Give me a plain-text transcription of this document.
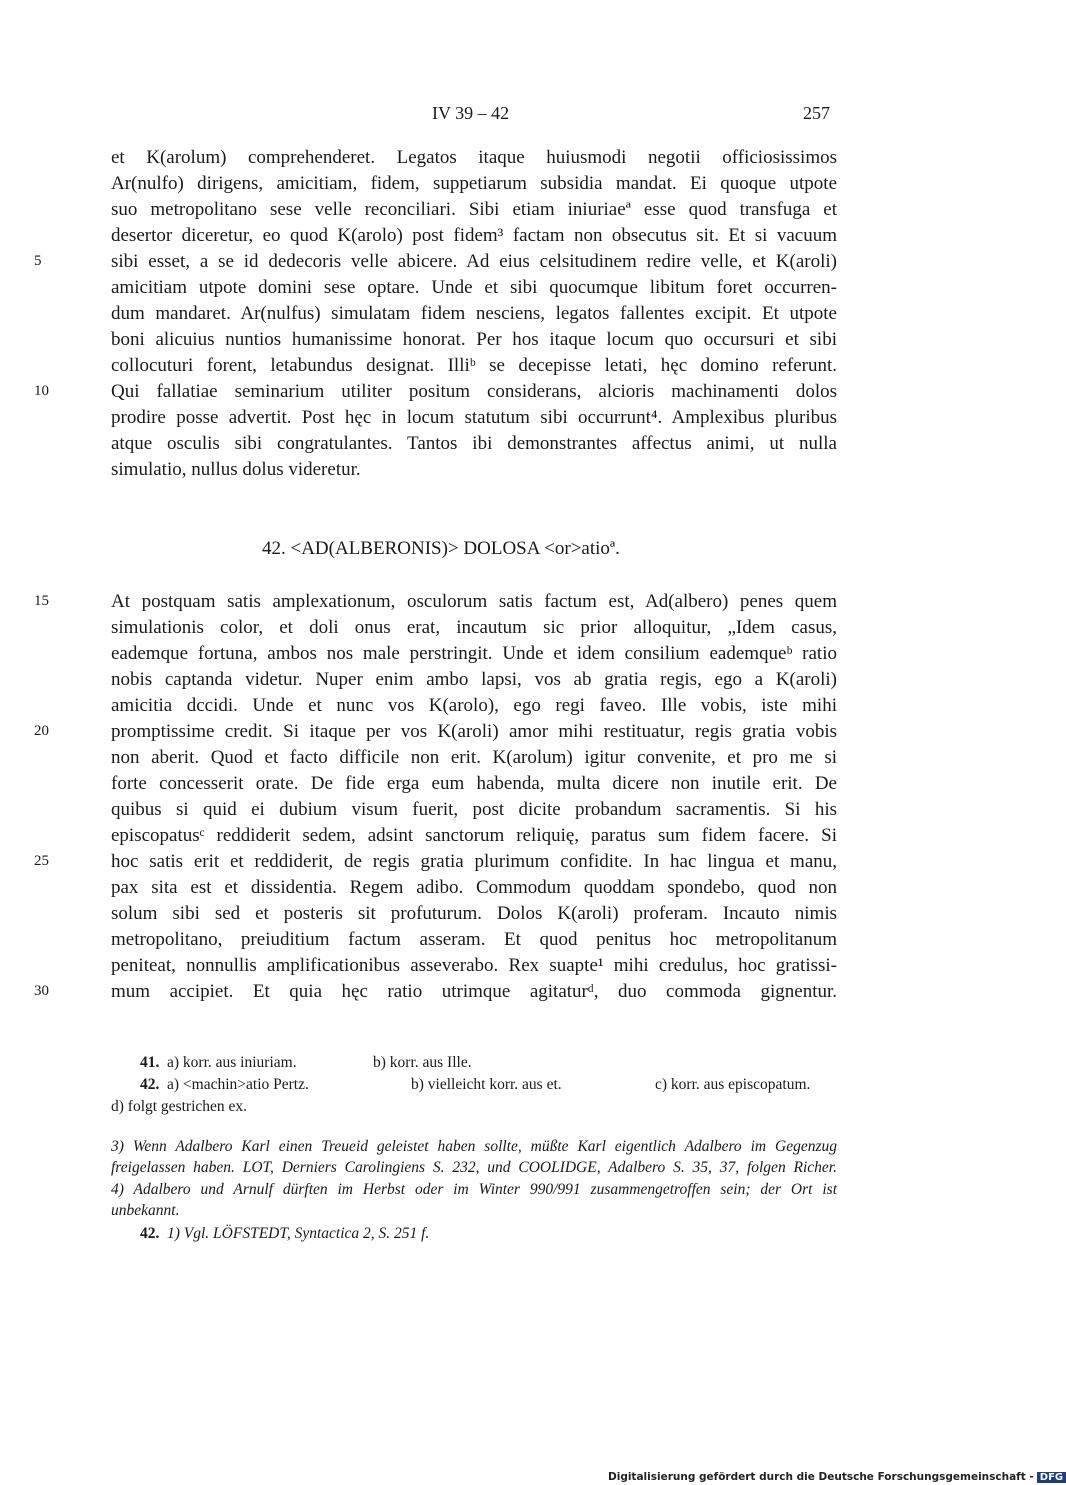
IV 39 – 42	257
et K(arolum) comprehenderet. Legatos itaque huiusmodi negotii officiosissimos
Ar(nulfo) dirigens, amicitiam, fidem, suppetiarum subsidia mandat. Ei quoque utpote
suo metropolitano sese velle reconciliari. Sibi etiam iniuriaeª esse quod transfuga et
desertor diceretur, eo quod K(arolo) post fidem³ factam non obsecutus sit. Et si vacuum
sibi esset, a se id dedecoris velle abicere. Ad eius celsitudinem redire velle, et K(aroli)
amicitiam utpote domini sese optare. Unde et sibi quocumque libitum foret occurren-
dum mandaret. Ar(nulfus) simulatam fidem nesciens, legatos fallentes excipit. Et utpote
boni alicuius nuntios humanissime honorat. Per hos itaque locum quo occursuri et sibi
collocuturi forent, letabundus designat. Illiᵇ se decepisse letati, hęc domino referunt.
Qui fallatiae seminarium utiliter positum considerans, alcioris machinamenti dolos
prodire posse advertit. Post hęc in locum statutum sibi occurrunt⁴. Amplexibus pluribus
atque osculis sibi congratulantes. Tantos ibi demonstrantes affectus animi, ut nulla
simulatio, nullus dolus videretur.
5
10
42. <AD(ALBERONIS)> DOLOSA <or>atioª.
At postquam satis amplexationum, osculorum satis factum est, Ad(albero) penes quem
simulationis color, et doli onus erat, incautum sic prior alloquitur, „Idem casus,
eademque fortuna, ambos nos male perstringit. Unde et idem consilium eademqueᵇ ratio
nobis captanda videtur. Nuper enim ambo lapsi, vos ab gratia regis, ego a K(aroli)
amicitia dccidi. Unde et nunc vos K(arolo), ego regi faveo. Ille vobis, iste mihi
promptissime credit. Si itaque per vos K(aroli) amor mihi restituatur, regis gratia vobis
non aberit. Quod et facto difficile non erit. K(arolum) igitur convenite, et pro me si
forte concesserit orate. De fide erga eum habenda, multa dicere non inutile erit. De
quibus si quid ei dubium visum fuerit, post dicite probandum sacramentis. Si his
episcopatusᶜ reddiderit sedem, adsint sanctorum reliquię, paratus sum fidem facere. Si
hoc satis erit et reddiderit, de regis gratia plurimum confidite. In hac lingua et manu,
pax sita est et dissidentia. Regem adibo. Commodum quoddam spondebo, quod non
solum sibi sed et posteris sit profuturum. Dolos K(aroli) proferam. Incauto nimis
metropolitano, preiuditium factum asseram. Et quod penitus hoc metropolitanum
peniteat, nonnullis amplificationibus asseverabo. Rex suapte¹ mihi credulus, hoc gratissi-
mum accipiet. Et quia hęc ratio utrimque agitaturᵈ, duo commoda gignentur.
15
20
25
30
41. a) korr. aus iniuriam.	b) korr. aus Ille.
42. a) <machin>atio Pertz.	b) vielleicht korr. aus et.	c) korr. aus episcopatum.
d) folgt gestrichen ex.
3) Wenn Adalbero Karl einen Treueid geleistet haben sollte, müßte Karl eigentlich Adalbero im Gegenzug
freigelassen haben. LOT, Derniers Carolingiens S. 232, und COOLIDGE, Adalbero S. 35, 37, folgen Richer.
4) Adalbero und Arnulf dürften im Herbst oder im Winter 990/991 zusammengetroffen sein; der Ort ist
unbekannt.
42. 1) Vgl. LÖFSTEDT, Syntactica 2, S. 251 f.
Digitalisierung gefördert durch die Deutsche Forschungsgemeinschaft - DFG
